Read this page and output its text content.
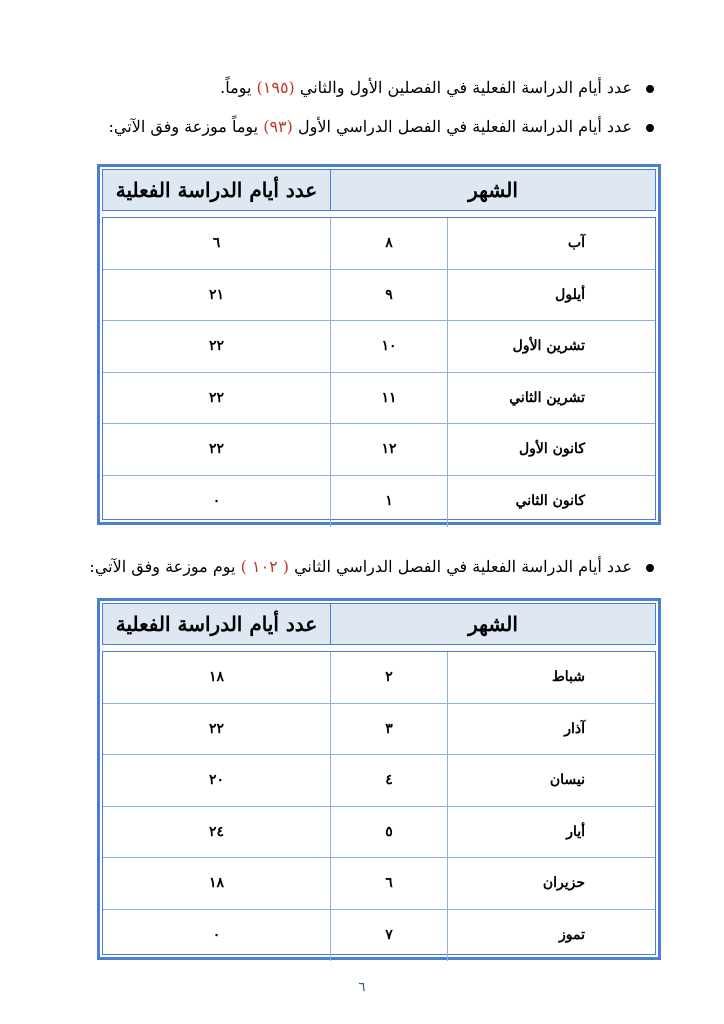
عدد أيام الدراسة الفعلية في الفصلين الأول والثاني (١٩٥) يوماً.
عدد أيام الدراسة الفعلية في الفصل الدراسي الأول (٩٣) يوماً موزعة وفق الآتي:
الشهر
عدد أيام الدراسة الفعلية
آب
٨
٦
أيلول
٩
٢١
تشرين الأول
١٠
٢٢
تشرين الثاني
١١
٢٢
كانون الأول
١٢
٢٢
كانون الثاني
١
٠
عدد أيام الدراسة الفعلية في الفصل الدراسي الثاني ( ١٠٢ ) يوم موزعة وفق الآتي:
الشهر
عدد أيام الدراسة الفعلية
شباط
٢
١٨
آذار
٣
٢٢
نيسان
٤
٢٠
أيار
٥
٢٤
حزيران
٦
١٨
تموز
٧
٠
٦
